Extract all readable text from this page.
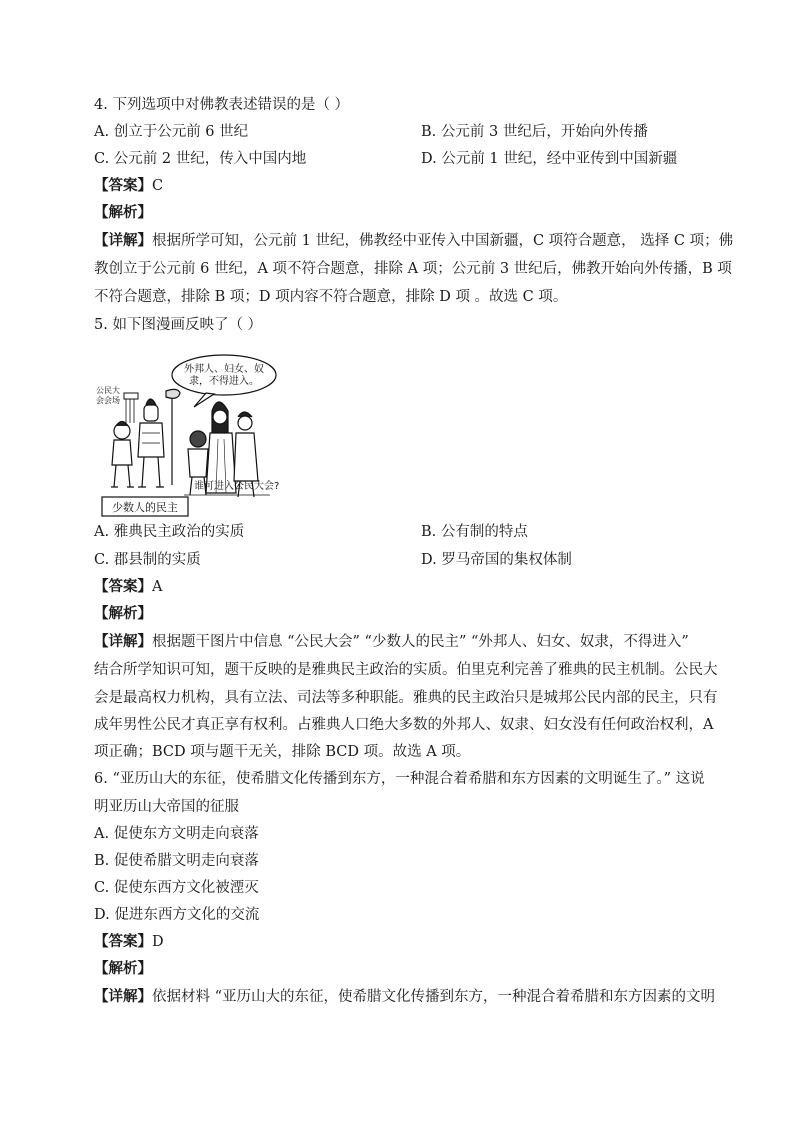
4. 下列选项中对佛教表述错误的是（ ）
A. 创立于公元前 6 世纪	B. 公元前 3 世纪后，开始向外传播
C. 公元前 2 世纪，传入中国内地	D. 公元前 1 世纪，经中亚传到中国新疆
【答案】C
【解析】
【详解】根据所学可知，公元前 1 世纪，佛教经中亚传入中国新疆，C 项符合题意， 选择 C 项；佛
教创立于公元前 6 世纪，A 项不符合题意，排除 A 项；公元前 3 世纪后，佛教开始向外传播，B 项
不符合题意，排除 B 项；D 项内容不符合题意，排除 D 项 。故选 C 项。
5. 如下图漫画反映了（ ）
外邦人、妇女、奴
隶，不得进入。
公民大
会会场
谁可进入公民大会?
少数人的民主
A. 雅典民主政治的实质	B. 公有制的特点
C. 郡县制的实质	D. 罗马帝国的集权体制
【答案】A
【解析】
【详解】根据题干图片中信息 “公民大会” “少数人的民主” “外邦人、妇女、奴隶，不得进入”
结合所学知识可知，题干反映的是雅典民主政治的实质。伯里克利完善了雅典的民主机制。公民大
会是最高权力机构，具有立法、司法等多种职能。雅典的民主政治只是城邦公民内部的民主，只有
成年男性公民才真正享有权利。占雅典人口绝大多数的外邦人、奴隶、妇女没有任何政治权利，A
项正确；BCD 项与题干无关，排除 BCD 项。故选 A 项。
6. “亚历山大的东征，使希腊文化传播到东方，一种混合着希腊和东方因素的文明诞生了。” 这说
明亚历山大帝国的征服
A. 促使东方文明走向衰落
B. 促使希腊文明走向衰落
C. 促使东西方文化被湮灭
D. 促进东西方文化的交流
【答案】D
【解析】
【详解】依据材料 “亚历山大的东征，使希腊文化传播到东方，一种混合着希腊和东方因素的文明
